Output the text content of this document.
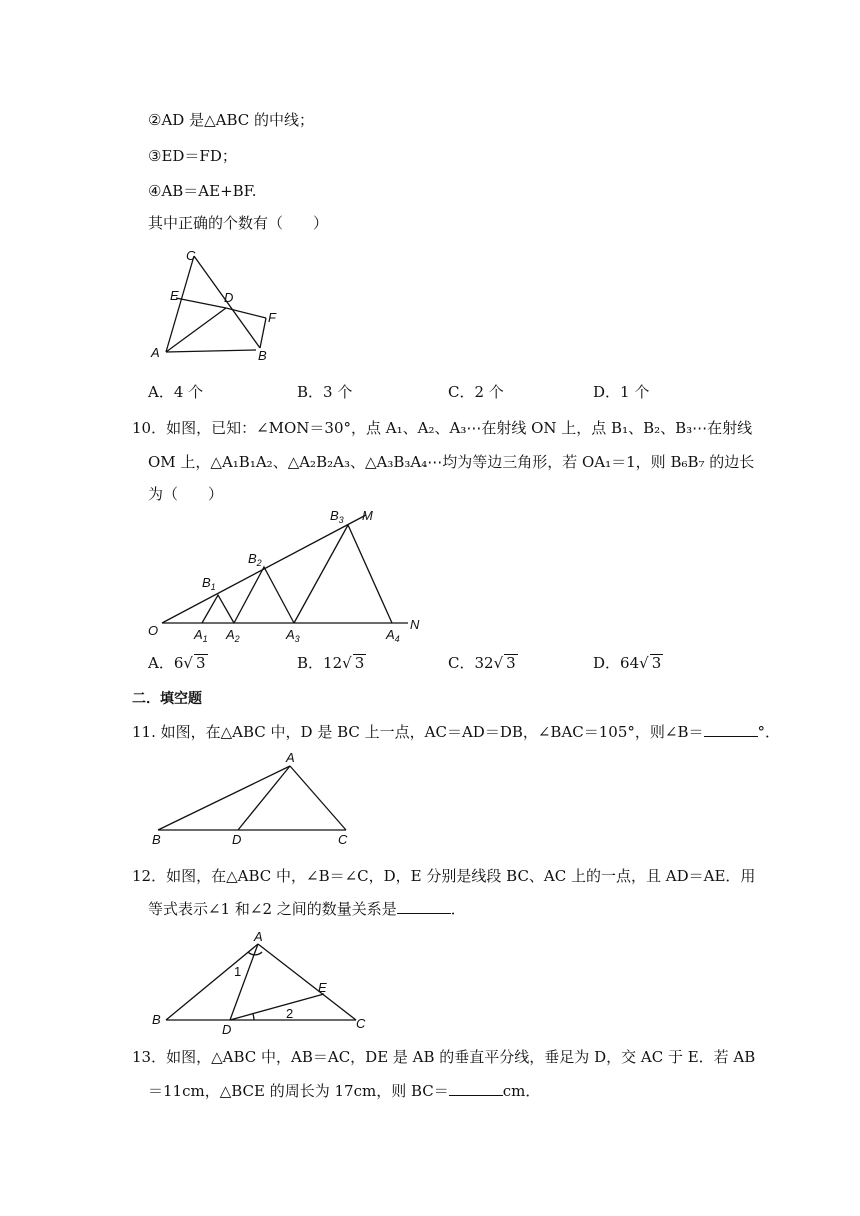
②AD 是△ABC 的中线；
③ED＝FD；
④AB＝AE+BF.
其中正确的个数有（　　）
C
E	D
F
A	B
A．4 个	B．3 个	C．2 个	D．1 个
10．如图，已知：∠MON＝30°，点 A₁、A₂、A₃⋯在射线 ON 上，点 B₁、B₂、B₃⋯在射线
OM 上，△A₁B₁A₂、△A₂B₂A₃、△A₃B₃A₄⋯均为等边三角形，若 OA₁＝1，则 B₆B₇ 的边长
为（　　）
O	$A_1$ $A_2$	$A_3$	$A_4$
$B_1$
$B_2$
$B_3$ M
N
A．6√ 3	B．12√ 3	C．32√ 3	D．64√ 3
二．填空题
11. 如图，在△ABC 中，D 是 BC 上一点，AC＝AD＝DB，∠BAC＝105°，则∠B＝	°．
A
B	D	C
12．如图，在△ABC 中，∠B＝∠C，D，E 分别是线段 BC、AC 上的一点，且 AD＝AE．用
等式表示∠1 和∠2 之间的数量关系是	．
A
B	C
D
E
1
2
13．如图，△ABC 中，AB＝AC，DE 是 AB 的垂直平分线，垂足为 D，交 AC 于 E．若 AB
＝11cm，△BCE 的周长为 17cm，则 BC＝	cm．
